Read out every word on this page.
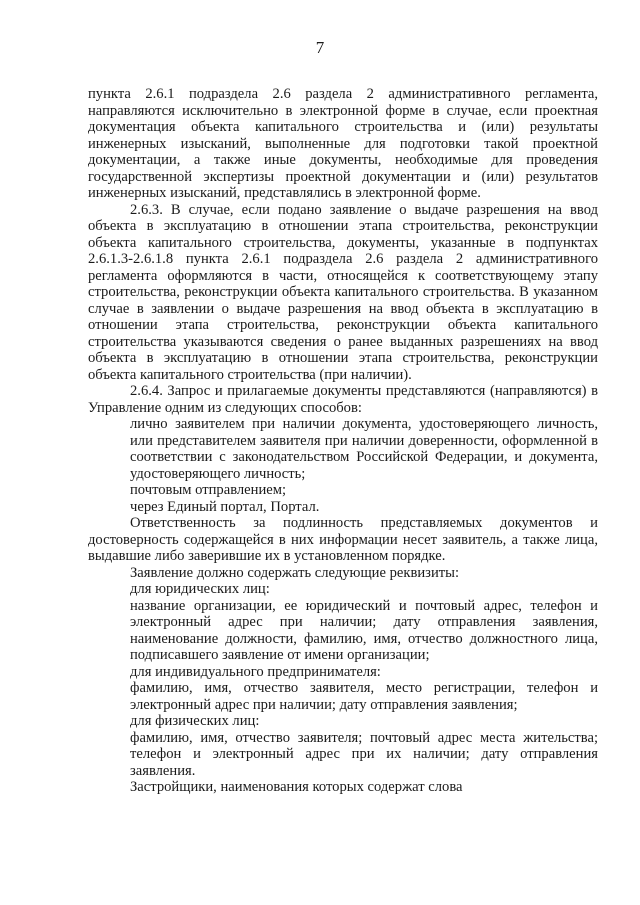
7

пункта 2.6.1 подраздела 2.6 раздела 2 административного регламента, направляются исключительно в электронной форме в случае, если проектная документация объекта капитального строительства и (или) результаты инженерных изысканий, выполненные для подготовки такой проектной документации, а также иные документы, необходимые для проведения государственной экспертизы проектной документации и (или) результатов инженерных изысканий, представлялись в электронной форме.

2.6.3. В случае, если подано заявление о выдаче разрешения на ввод объекта в эксплуатацию в отношении этапа строительства, реконструкции объекта капитального строительства, документы, указанные в подпунктах 2.6.1.3-2.6.1.8 пункта 2.6.1 подраздела 2.6 раздела 2 административного регламента оформляются в части, относящейся к соответствующему этапу строительства, реконструкции объекта капитального строительства. В указанном случае в заявлении о выдаче разрешения на ввод объекта в эксплуатацию в отношении этапа строительства, реконструкции объекта капитального строительства указываются сведения о ранее выданных разрешениях на ввод объекта в эксплуатацию в отношении этапа строительства, реконструкции объекта капитального строительства (при наличии).

2.6.4. Запрос и прилагаемые документы представляются (направляются) в Управление одним из следующих способов:

лично заявителем при наличии документа, удостоверяющего личность, или представителем заявителя при наличии доверенности, оформленной в соответствии с законодательством Российской Федерации, и документа, удостоверяющего личность;

почтовым отправлением;

через Единый портал, Портал.

Ответственность за подлинность представляемых документов и достоверность содержащейся в них информации несет заявитель, а также лица, выдавшие либо заверившие их в установленном порядке.

Заявление должно содержать следующие реквизиты:

для юридических лиц:

название организации, ее юридический и почтовый адрес, телефон и электронный адрес при наличии; дату отправления заявления, наименование должности, фамилию, имя, отчество должностного лица, подписавшего заявление от имени организации;

для индивидуального предпринимателя:

фамилию, имя, отчество заявителя, место регистрации, телефон и электронный адрес при наличии; дату отправления заявления;

для физических лиц:

фамилию, имя, отчество заявителя; почтовый адрес места жительства; телефон и электронный адрес при их наличии; дату отправления заявления.

Застройщики, наименования которых содержат слова
